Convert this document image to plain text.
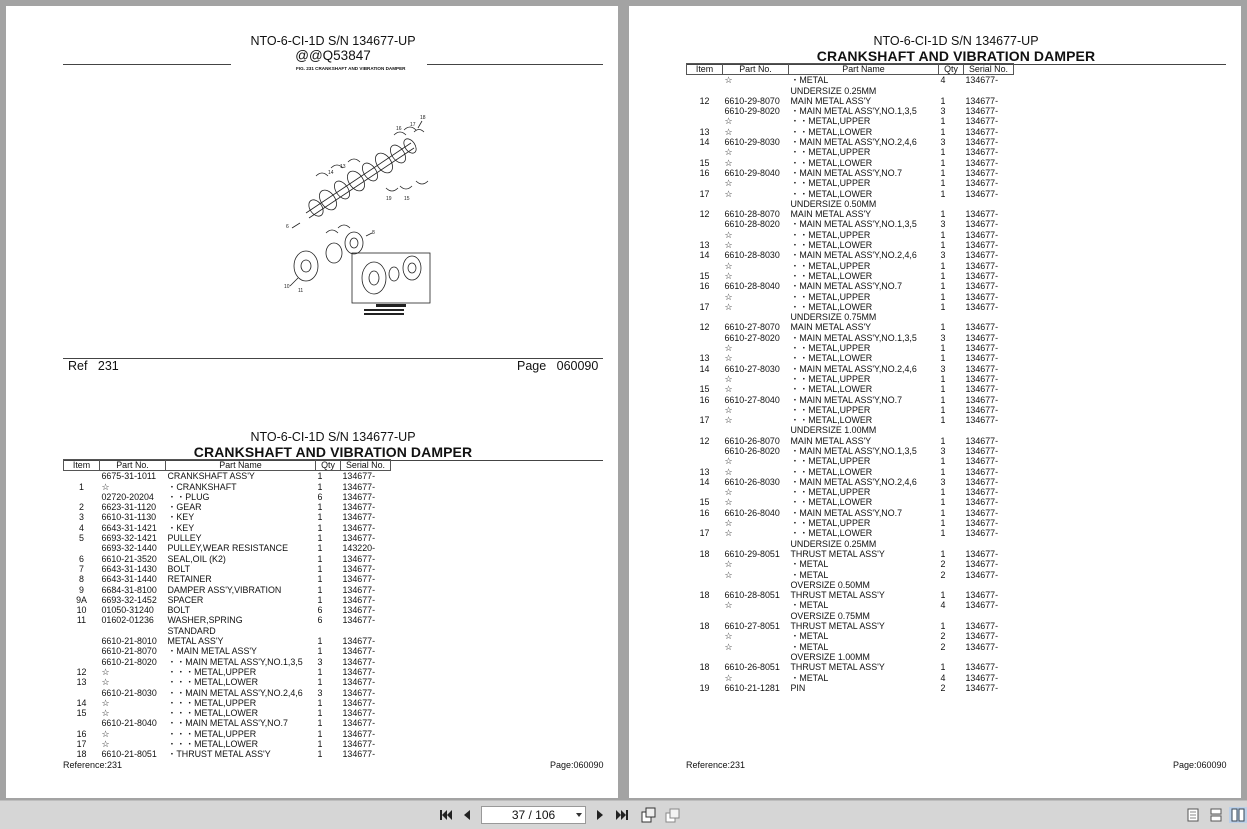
NTO-6-CI-1D S/N 134677-UP
@@Q53847
FIG. 231 CRANKSHAFT AND VIBRATION DAMPER
16
17
18
14
13
6
10
11
8
19 15
Ref 231	Page 060090
NTO-6-CI-1D S/N 134677-UP
CRANKSHAFT AND VIBRATION DAMPER
Item	Part No.	Part Name	Qty	Serial No.
	6675-31-1011	CRANKSHAFT ASS'Y	1	134677-
1	☆	・CRANKSHAFT	1	134677-
	02720-20204	・・PLUG	6	134677-
2	6623-31-1120	・GEAR	1	134677-
3	6610-31-1130	・KEY	1	134677-
4	6643-31-1421	・KEY	1	134677-
5	6693-32-1421	PULLEY	1	134677-
	6693-32-1440	PULLEY,WEAR RESISTANCE	1	143220-
6	6610-21-3520	SEAL,OIL (K2)	1	134677-
7	6643-31-1430	BOLT	1	134677-
8	6643-31-1440	RETAINER	1	134677-
9	6684-31-8100	DAMPER ASS'Y,VIBRATION	1	134677-
9A	6693-32-1452	SPACER	1	134677-
10	01050-31240	BOLT	6	134677-
11	01602-01236	WASHER,SPRING	6	134677-
		STANDARD		
	6610-21-8010	METAL ASS'Y	1	134677-
	6610-21-8070	・MAIN METAL ASS'Y	1	134677-
	6610-21-8020	・・MAIN METAL ASS'Y,NO.1,3,5	3	134677-
12	☆	・・・METAL,UPPER	1	134677-
13	☆	・・・METAL,LOWER	1	134677-
	6610-21-8030	・・MAIN METAL ASS'Y,NO.2,4,6	3	134677-
14	☆	・・・METAL,UPPER	1	134677-
15	☆	・・・METAL,LOWER	1	134677-
	6610-21-8040	・・MAIN METAL ASS'Y,NO.7	1	134677-
16	☆	・・・METAL,UPPER	1	134677-
17	☆	・・・METAL,LOWER	1	134677-
18	6610-21-8051	・THRUST METAL ASS'Y	1	134677-
Reference:231	Page:060090
NTO-6-CI-1D S/N 134677-UP
CRANKSHAFT AND VIBRATION DAMPER
Item	Part No.	Part Name	Qty	Serial No.
	☆	・METAL	4	134677-
		UNDERSIZE 0.25MM		
12	6610-29-8070	MAIN METAL ASS'Y	1	134677-
	6610-29-8020	・MAIN METAL ASS'Y,NO.1,3,5	3	134677-
	☆	・・METAL,UPPER	1	134677-
13	☆	・・METAL,LOWER	1	134677-
14	6610-29-8030	・MAIN METAL ASS'Y,NO.2,4,6	3	134677-
	☆	・・METAL,UPPER	1	134677-
15	☆	・・METAL,LOWER	1	134677-
16	6610-29-8040	・MAIN METAL ASS'Y,NO.7	1	134677-
	☆	・・METAL,UPPER	1	134677-
17	☆	・・METAL,LOWER	1	134677-
		UNDERSIZE 0.50MM		
12	6610-28-8070	MAIN METAL ASS'Y	1	134677-
	6610-28-8020	・MAIN METAL ASS'Y,NO.1,3,5	3	134677-
	☆	・・METAL,UPPER	1	134677-
13	☆	・・METAL,LOWER	1	134677-
14	6610-28-8030	・MAIN METAL ASS'Y,NO.2,4,6	3	134677-
	☆	・・METAL,UPPER	1	134677-
15	☆	・・METAL,LOWER	1	134677-
16	6610-28-8040	・MAIN METAL ASS'Y,NO.7	1	134677-
	☆	・・METAL,UPPER	1	134677-
17	☆	・・METAL,LOWER	1	134677-
		UNDERSIZE 0.75MM		
12	6610-27-8070	MAIN METAL ASS'Y	1	134677-
	6610-27-8020	・MAIN METAL ASS'Y,NO.1,3,5	3	134677-
	☆	・・METAL,UPPER	1	134677-
13	☆	・・METAL,LOWER	1	134677-
14	6610-27-8030	・MAIN METAL ASS'Y,NO.2,4,6	3	134677-
	☆	・・METAL,UPPER	1	134677-
15	☆	・・METAL,LOWER	1	134677-
16	6610-27-8040	・MAIN METAL ASS'Y,NO.7	1	134677-
	☆	・・METAL,UPPER	1	134677-
17	☆	・・METAL,LOWER	1	134677-
		UNDERSIZE 1.00MM		
12	6610-26-8070	MAIN METAL ASS'Y	1	134677-
	6610-26-8020	・MAIN METAL ASS'Y,NO.1,3,5	3	134677-
	☆	・・METAL,UPPER	1	134677-
13	☆	・・METAL,LOWER	1	134677-
14	6610-26-8030	・MAIN METAL ASS'Y,NO.2,4,6	3	134677-
	☆	・・METAL,UPPER	1	134677-
15	☆	・・METAL,LOWER	1	134677-
16	6610-26-8040	・MAIN METAL ASS'Y,NO.7	1	134677-
	☆	・・METAL,UPPER	1	134677-
17	☆	・・METAL,LOWER	1	134677-
		UNDERSIZE 0.25MM		
18	6610-29-8051	THRUST METAL ASS'Y	1	134677-
	☆	・METAL	2	134677-
	☆	・METAL	2	134677-
		OVERSIZE 0.50MM		
18	6610-28-8051	THRUST METAL ASS'Y	1	134677-
	☆	・METAL	4	134677-
		OVERSIZE 0.75MM		
18	6610-27-8051	THRUST METAL ASS'Y	1	134677-
	☆	・METAL	2	134677-
	☆	・METAL	2	134677-
		OVERSIZE 1.00MM		
18	6610-26-8051	THRUST METAL ASS'Y	1	134677-
	☆	・METAL	4	134677-
19	6610-21-1281	PIN	2	134677-
Reference:231	Page:060090
37 / 106
